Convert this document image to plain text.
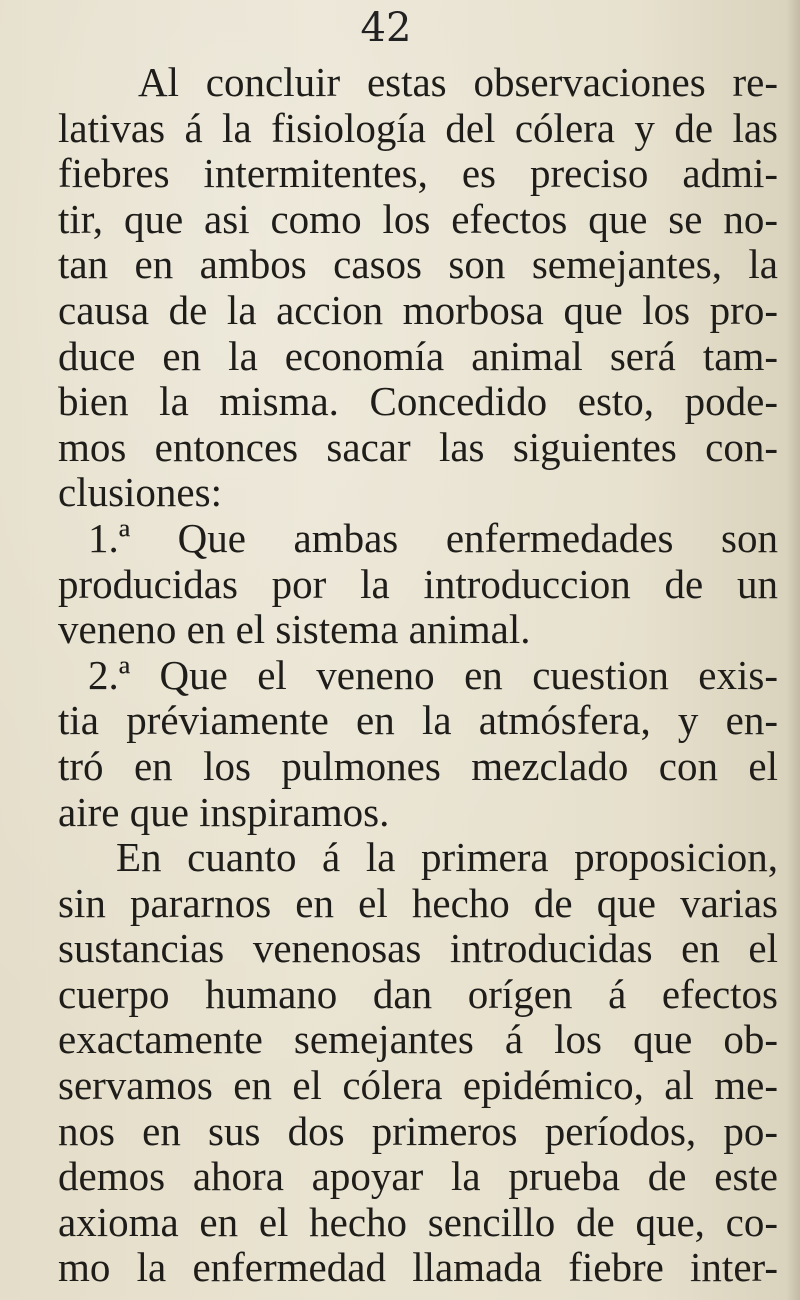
42
Al concluir estas observaciones re-
lativas á la fisiología del cólera y de las
fiebres intermitentes, es preciso admi-
tir, que asi como los efectos que se no-
tan en ambos casos son semejantes, la
causa de la accion morbosa que los pro-
duce en la economía animal será tam-
bien la misma. Concedido esto, pode-
mos entonces sacar las siguientes con-
clusiones:
1.ª Que ambas enfermedades son
producidas por la introduccion de un
veneno en el sistema animal.
2.ª Que el veneno en cuestion exis-
tia préviamente en la atmósfera, y en-
tró en los pulmones mezclado con el
aire que inspiramos.
En cuanto á la primera proposicion,
sin pararnos en el hecho de que varias
sustancias venenosas introducidas en el
cuerpo humano dan orígen á efectos
exactamente semejantes á los que ob-
servamos en el cólera epidémico, al me-
nos en sus dos primeros períodos, po-
demos ahora apoyar la prueba de este
axioma en el hecho sencillo de que, co-
mo la enfermedad llamada fiebre inter-
